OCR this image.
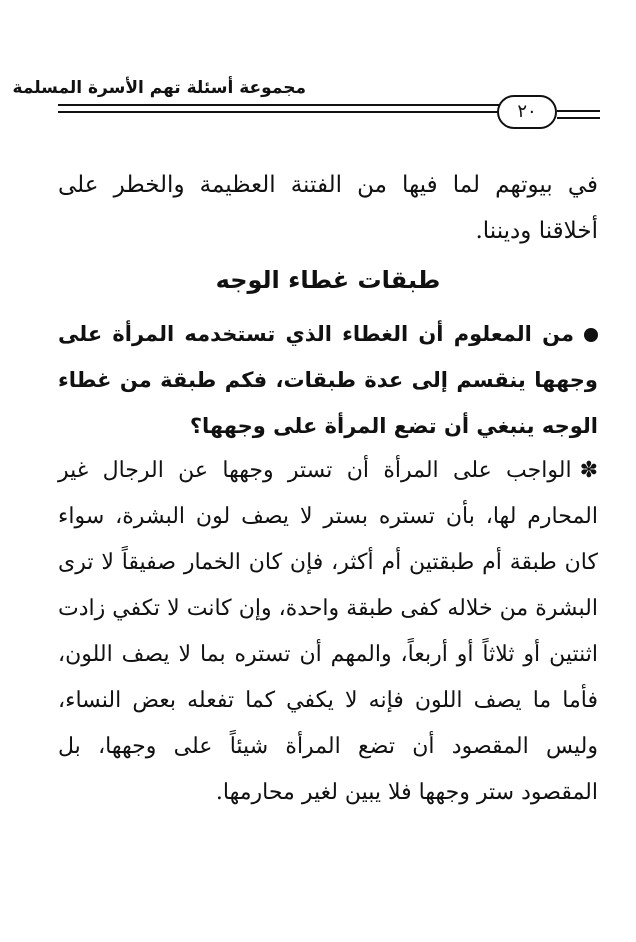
مجموعة أسئلة تهم الأسرة المسلمة
٢٠

في بيوتهم لما فيها من الفتنة العظيمة والخطر على أخلاقنا وديننا.

طبقات غطاء الوجه

من المعلوم أن الغطاء الذي تستخدمه المرأة على وجهها ينقسم إلى عدة طبقات، فكم طبقة من غطاء الوجه ينبغي أن تضع المرأة على وجهها؟

✽الواجب على المرأة أن تستر وجهها عن الرجال غير المحارم لها، بأن تستره بستر لا يصف لون البشرة، سواء كان طبقة أم طبقتين أم أكثر، فإن كان الخمار صفيقاً لا ترى البشرة من خلاله كفى طبقة واحدة، وإن كانت لا تكفي زادت اثنتين أو ثلاثاً أو أربعاً، والمهم أن تستره بما لا يصف اللون، فأما ما يصف اللون فإنه لا يكفي كما تفعله بعض النساء، وليس المقصود أن تضع المرأة شيئاً على وجهها، بل المقصود ستر وجهها فلا يبين لغير محارمها.
